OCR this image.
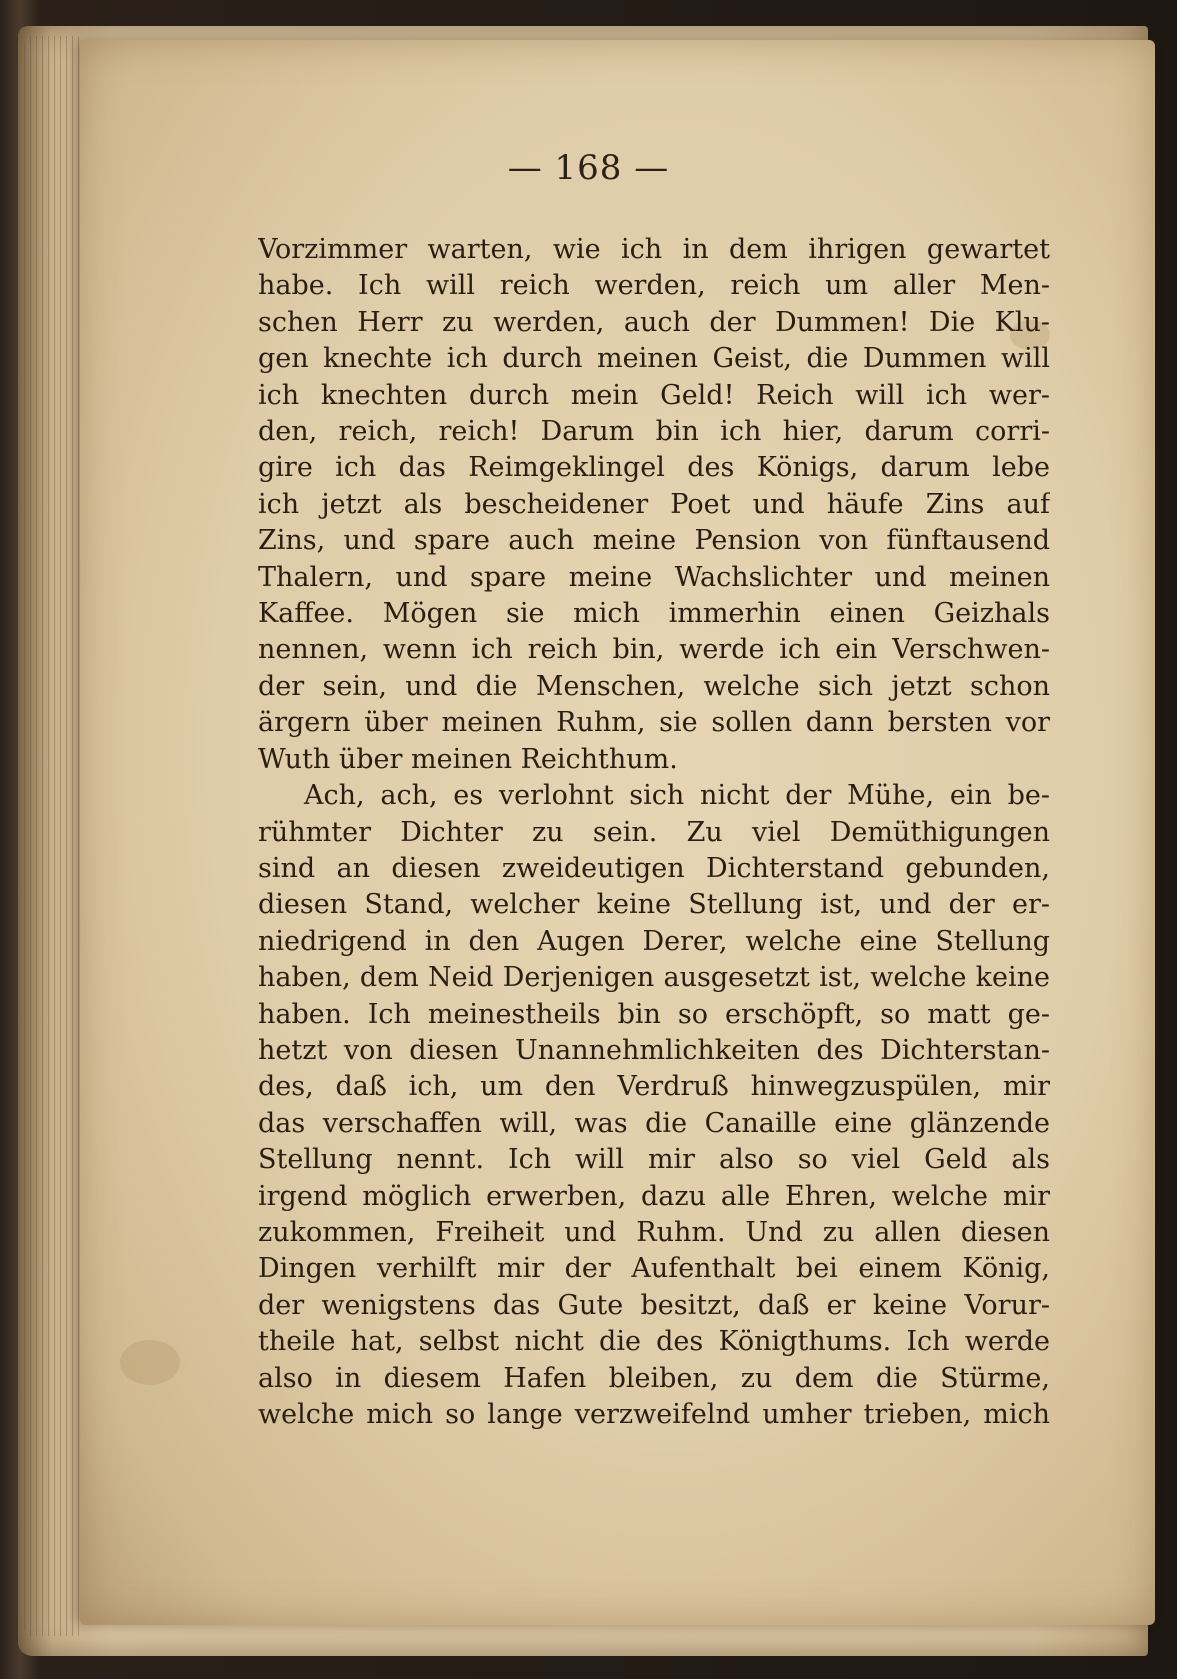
— 168 —
Vorzimmer warten, wie ich in dem ihrigen gewartet
habe. Ich will reich werden, reich um aller Men-
schen Herr zu werden, auch der Dummen! Die Klu-
gen knechte ich durch meinen Geist, die Dummen will
ich knechten durch mein Geld! Reich will ich wer-
den, reich, reich! Darum bin ich hier, darum corri-
gire ich das Reimgeklingel des Königs, darum lebe
ich jetzt als bescheidener Poet und häufe Zins auf
Zins, und spare auch meine Pension von fünftausend
Thalern, und spare meine Wachslichter und meinen
Kaffee. Mögen sie mich immerhin einen Geizhals
nennen, wenn ich reich bin, werde ich ein Verschwen-
der sein, und die Menschen, welche sich jetzt schon
ärgern über meinen Ruhm, sie sollen dann bersten vor
Wuth über meinen Reichthum.
Ach, ach, es verlohnt sich nicht der Mühe, ein be-
rühmter Dichter zu sein. Zu viel Demüthigungen
sind an diesen zweideutigen Dichterstand gebunden,
diesen Stand, welcher keine Stellung ist, und der er-
niedrigend in den Augen Derer, welche eine Stellung
haben, dem Neid Derjenigen ausgesetzt ist, welche keine
haben. Ich meinestheils bin so erschöpft, so matt ge-
hetzt von diesen Unannehmlichkeiten des Dichterstan-
des, daß ich, um den Verdruß hinwegzuspülen, mir
das verschaffen will, was die Canaille eine glänzende
Stellung nennt. Ich will mir also so viel Geld als
irgend möglich erwerben, dazu alle Ehren, welche mir
zukommen, Freiheit und Ruhm. Und zu allen diesen
Dingen verhilft mir der Aufenthalt bei einem König,
der wenigstens das Gute besitzt, daß er keine Vorur-
theile hat, selbst nicht die des Königthums. Ich werde
also in diesem Hafen bleiben, zu dem die Stürme,
welche mich so lange verzweifelnd umher trieben, mich
